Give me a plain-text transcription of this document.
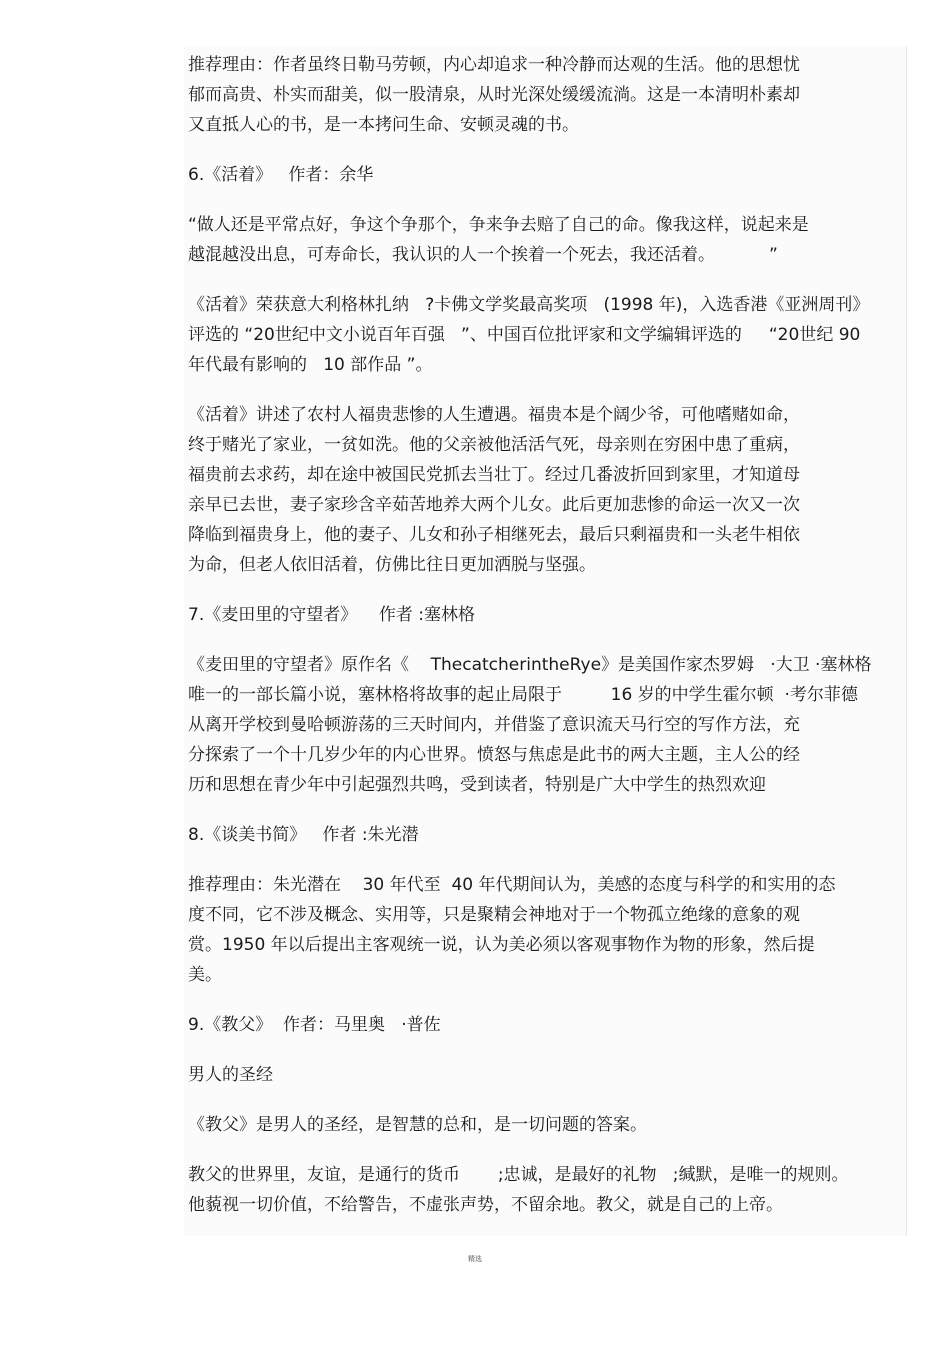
推荐理由：作者虽终日勒马劳顿，内心却追求一种冷静而达观的生活。他的思想忧

郁而高贵、朴实而甜美，似一股清泉，从时光深处缓缓流淌。这是一本清明朴素却

又直抵人心的书，是一本拷问生命、安顿灵魂的书。

6.《活着》   作者：余华

“做人还是平常点好，争这个争那个，争来争去赔了自己的命。像我这样，说起来是

越混越没出息，可寿命长，我认识的人一个挨着一个死去，我还活着。          ”

《活着》荣获意大利格林扎纳   ?卡佛文学奖最高奖项   (1998 年)，入选香港《亚洲周刊》

评选的 “20世纪中文小说百年百强   ”、中国百位批评家和文学编辑评选的     “20世纪 90

年代最有影响的   10 部作品 ”。

《活着》讲述了农村人福贵悲惨的人生遭遇。福贵本是个阔少爷，可他嗜赌如命，

终于赌光了家业，一贫如洗。他的父亲被他活活气死，母亲则在穷困中患了重病，

福贵前去求药，却在途中被国民党抓去当壮丁。经过几番波折回到家里，才知道母

亲早已去世，妻子家珍含辛茹苦地养大两个儿女。此后更加悲惨的命运一次又一次

降临到福贵身上，他的妻子、儿女和孙子相继死去，最后只剩福贵和一头老牛相依

为命，但老人依旧活着，仿佛比往日更加洒脱与坚强。

7.《麦田里的守望者》    作者 :塞林格

《麦田里的守望者》原作名《    ThecatcherintheRye》是美国作家杰罗姆   ·大卫 ·塞林格

唯一的一部长篇小说，塞林格将故事的起止局限于         16 岁的中学生霍尔顿  ·考尔菲德

从离开学校到曼哈顿游荡的三天时间内，并借鉴了意识流天马行空的写作方法，充

分探索了一个十几岁少年的内心世界。愤怒与焦虑是此书的两大主题，主人公的经

历和思想在青少年中引起强烈共鸣，受到读者，特别是广大中学生的热烈欢迎

8.《谈美书简》   作者 :朱光潜

推荐理由：朱光潜在    30 年代至  40 年代期间认为，美感的态度与科学的和实用的态

度不同，它不涉及概念、实用等，只是聚精会神地对于一个物孤立绝缘的意象的观

赏。1950 年以后提出主客观统一说，认为美必须以客观事物作为物的形象，然后提

美。

9.《教父》  作者：马里奥   ·普佐

男人的圣经

《教父》是男人的圣经，是智慧的总和，是一切问题的答案。

教父的世界里，友谊，是通行的货币       ;忠诚，是最好的礼物   ;缄默，是唯一的规则。

他藐视一切价值，不给警告，不虚张声势，不留余地。教父，就是自己的上帝。

精选
